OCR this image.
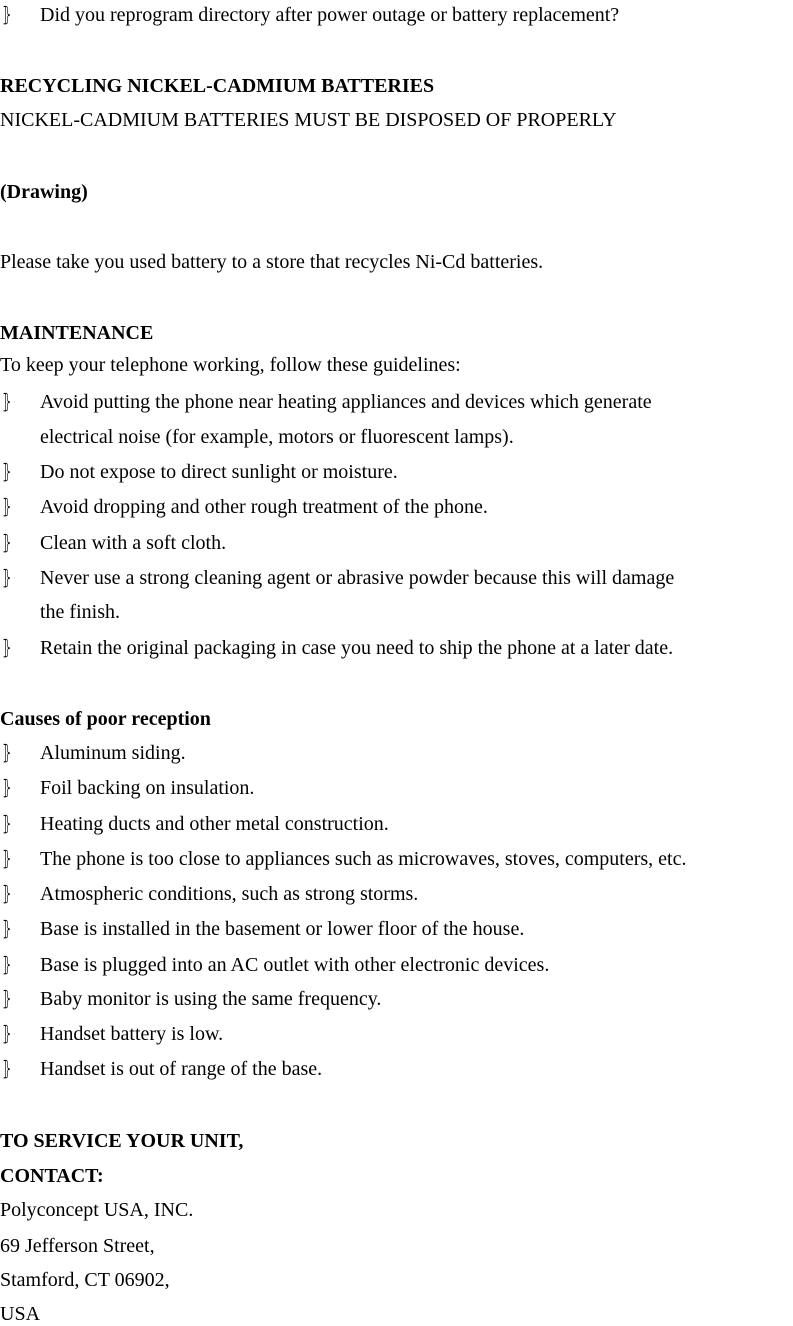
⦄ Did you reprogram directory after power outage or battery replacement?
RECYCLING NICKEL-CADMIUM BATTERIES
NICKEL-CADMIUM BATTERIES MUST BE DISPOSED OF PROPERLY
(Drawing)
Please take you used battery to a store that recycles Ni-Cd batteries.
MAINTENANCE
To keep your telephone working, follow these guidelines:
⦄ Avoid putting the phone near heating appliances and devices which generate
electrical noise (for example, motors or fluorescent lamps).
⦄ Do not expose to direct sunlight or moisture.
⦄ Avoid dropping and other rough treatment of the phone.
⦄ Clean with a soft cloth.
⦄ Never use a strong cleaning agent or abrasive powder because this will damage
the finish.
⦄ Retain the original packaging in case you need to ship the phone at a later date.
Causes of poor reception
⦄ Aluminum siding.
⦄ Foil backing on insulation.
⦄ Heating ducts and other metal construction.
⦄ The phone is too close to appliances such as microwaves, stoves, computers, etc.
⦄ Atmospheric conditions, such as strong storms.
⦄ Base is installed in the basement or lower floor of the house.
⦄ Base is plugged into an AC outlet with other electronic devices.
⦄ Baby monitor is using the same frequency.
⦄ Handset battery is low.
⦄ Handset is out of range of the base.
TO SERVICE YOUR UNIT,
CONTACT:
Polyconcept USA, INC.
69 Jefferson Street,
Stamford, CT 06902,
USA
